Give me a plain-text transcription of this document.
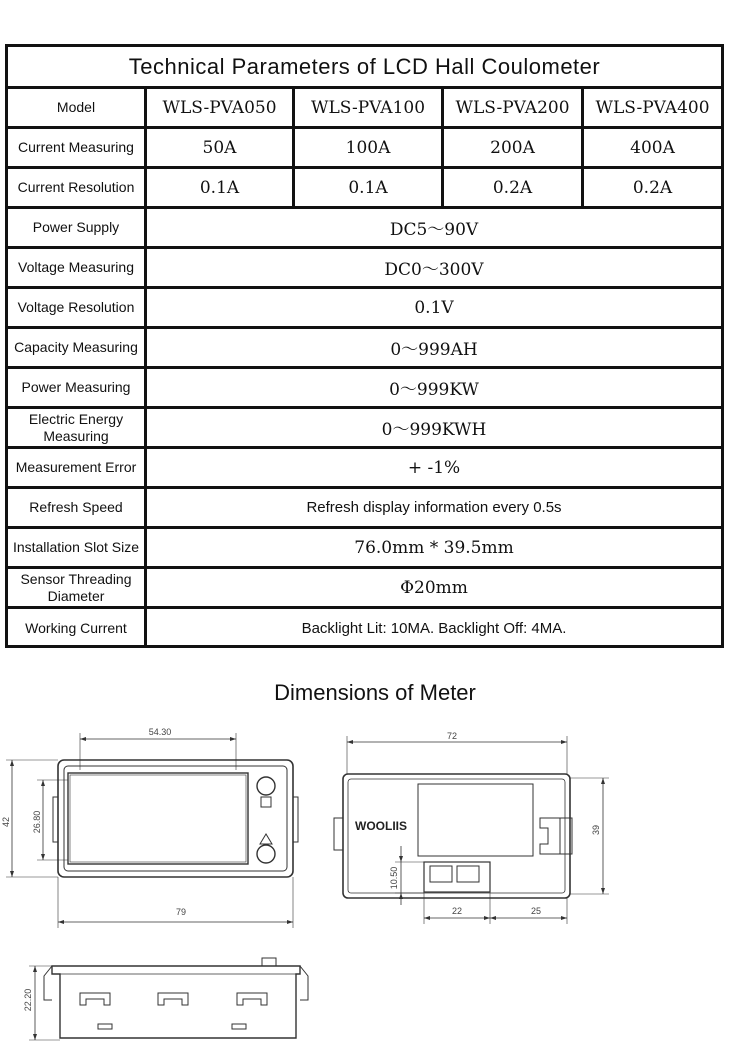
Technical Parameters of LCD Hall Coulometer
Model	WLS-PVA050	WLS-PVA100	WLS-PVA200	WLS-PVA400
Current Measuring	50A	100A	200A	400A
Current Resolution	0.1A	0.1A	0.2A	0.2A
Power Supply	DC5～90V
Voltage Measuring	DC0～300V
Voltage Resolution	0.1V
Capacity Measuring	0～999AH
Power Measuring	0～999KW
Electric Energy Measuring	0～999KWH
Measurement Error	+ -1%
Refresh Speed	Refresh display information every 0.5s
Installation Slot Size	76.0mm * 39.5mm
Sensor Threading Diameter	Φ20mm
Working Current	Backlight Lit: 10MA. Backlight Off: 4MA.
Dimensions of Meter
54.30
26.80
42
79
WOOLIIS
72
39
10.50
22	25
22.20
